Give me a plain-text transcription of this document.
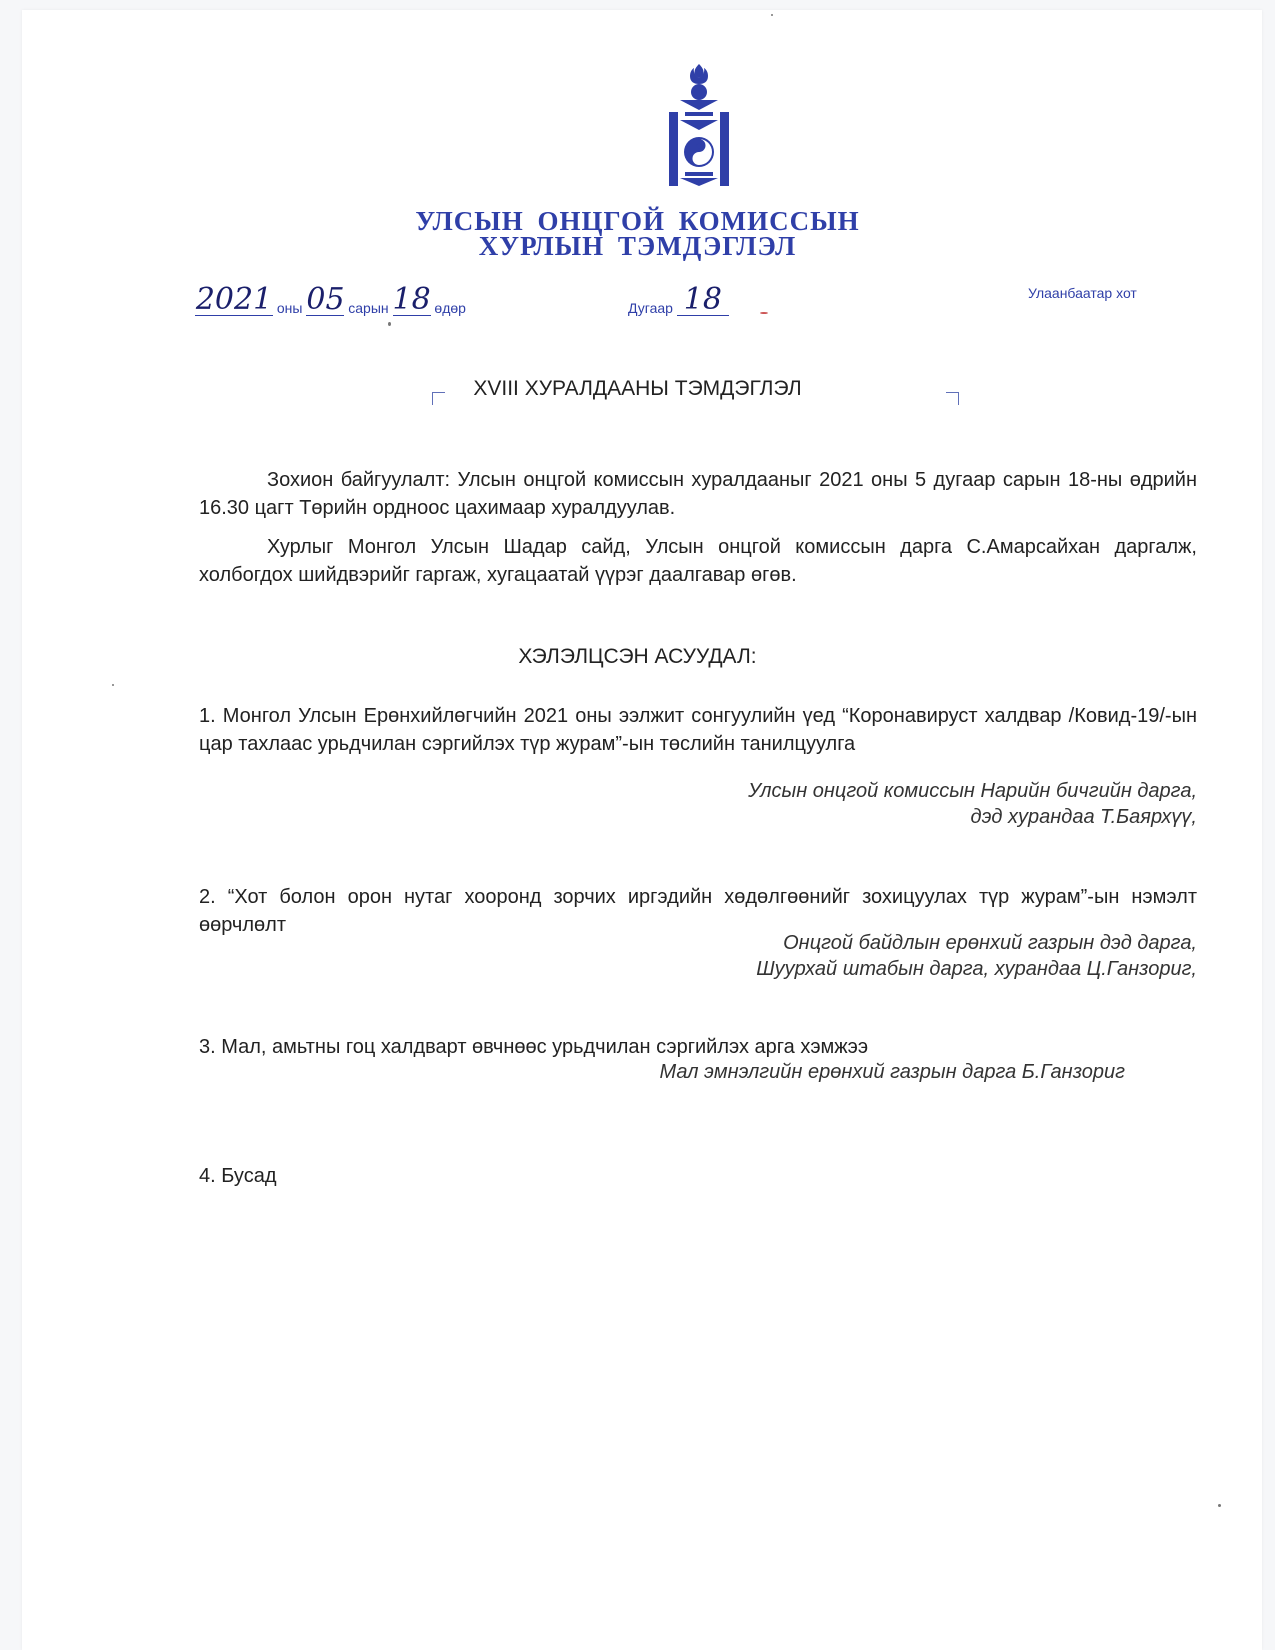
УЛСЫН ОНЦГОЙ КОМИССЫН
ХУРЛЫН ТЭМДЭГЛЭЛ
2021 оны 05 сарын 18 өдөр	Дугаар 18	Улаанбаатар хот
XVIII ХУРАЛДААНЫ ТЭМДЭГЛЭЛ
Зохион байгуулалт: Улсын онцгой комиссын хуралдааныг 2021 оны 5 дугаар сарын 18-ны өдрийн 16.30 цагт Төрийн ордноос цахимаар хуралдуулав.
Хурлыг Монгол Улсын Шадар сайд, Улсын онцгой комиссын дарга С.Амарсайхан даргалж, холбогдох шийдвэрийг гаргаж, хугацаатай үүрэг даалгавар өгөв.
ХЭЛЭЛЦСЭН АСУУДАЛ:
1. Монгол Улсын Ерөнхийлөгчийн 2021 оны ээлжит сонгуулийн үед “Коронавируст халдвар /Ковид-19/-ын цар тахлаас урьдчилан сэргийлэх түр журам”-ын төслийн танилцуулга
Улсын онцгой комиссын Нарийн бичгийн дарга,
дэд хурандаа Т.Баярхүү,
2. “Хот болон орон нутаг хооронд зорчих иргэдийн хөдөлгөөнийг зохицуулах түр журам”-ын нэмэлт өөрчлөлт
Онцгой байдлын ерөнхий газрын дэд дарга,
Шуурхай штабын дарга, хурандаа Ц.Ганзориг,
3. Мал, амьтны гоц халдварт өвчнөөс урьдчилан сэргийлэх арга хэмжээ
Мал эмнэлгийн ерөнхий газрын дарга Б.Ганзориг
4. Бусад
